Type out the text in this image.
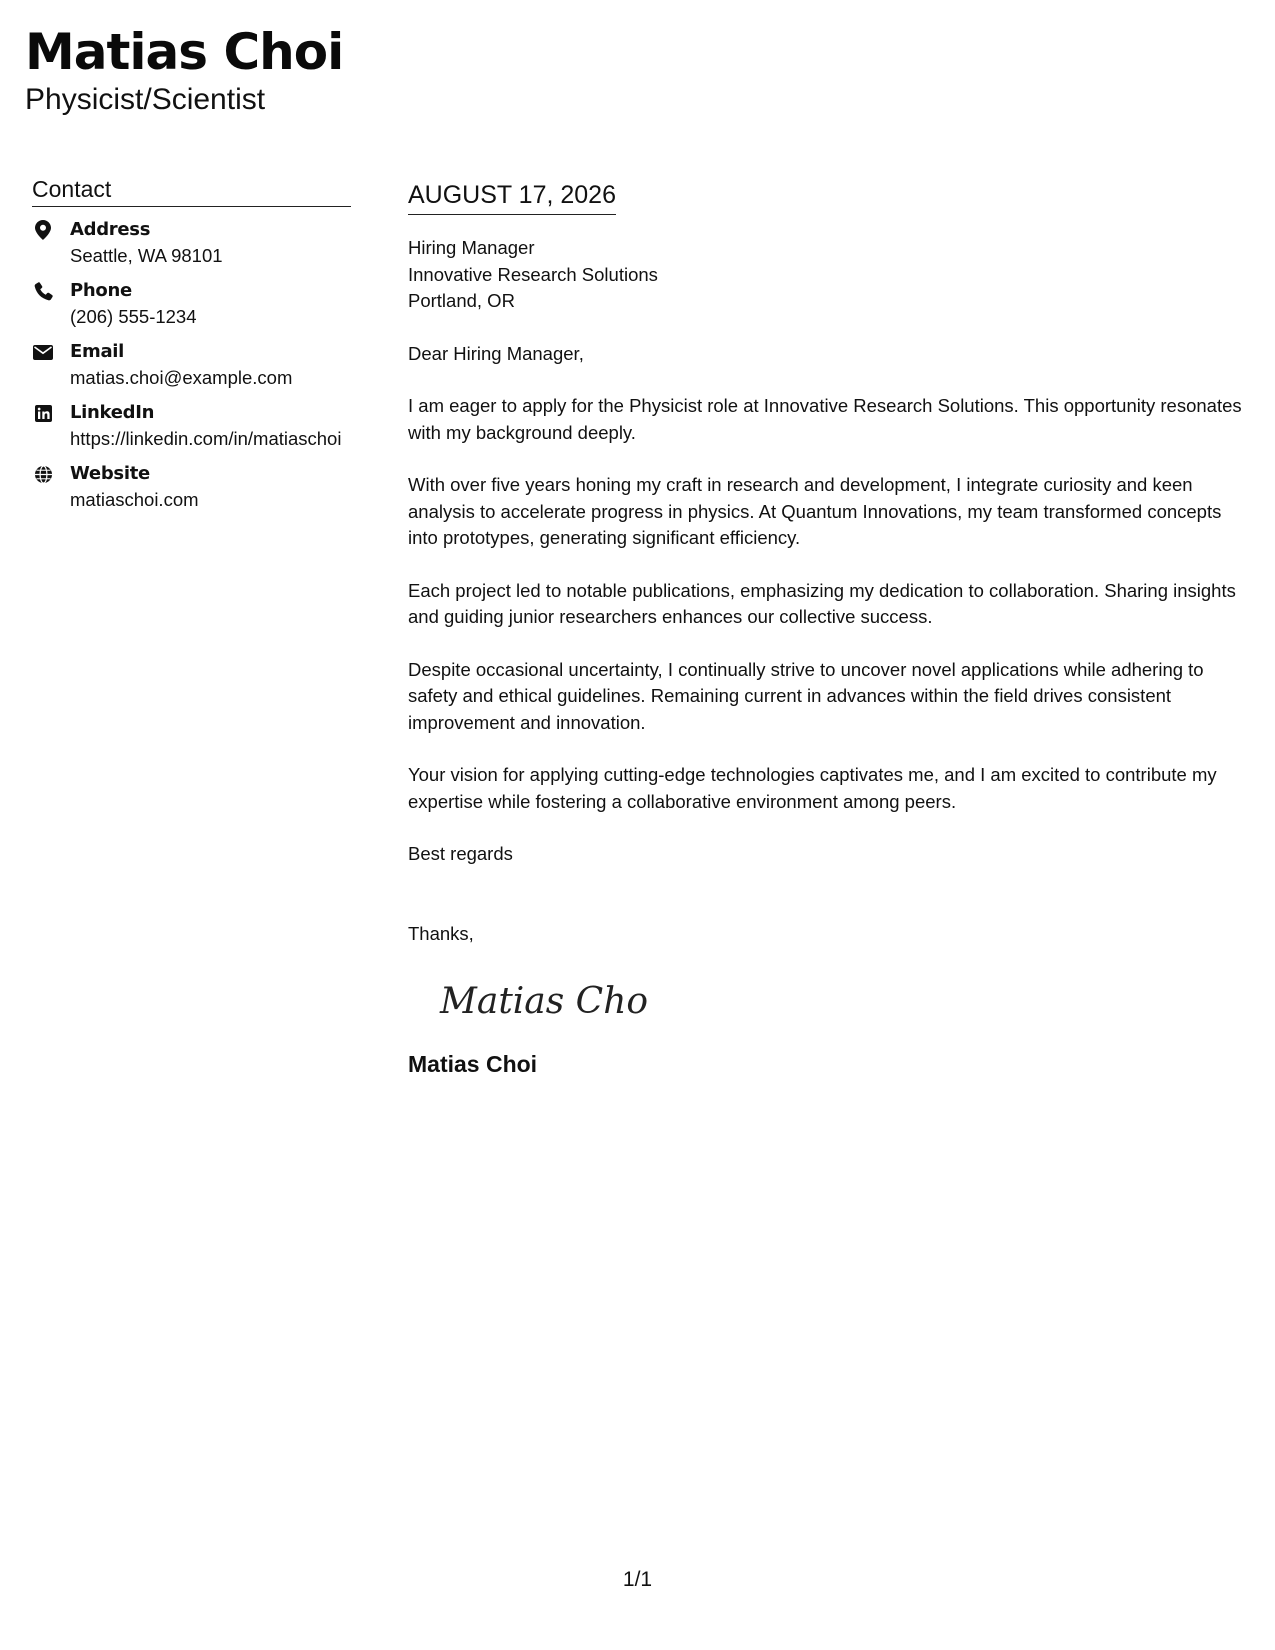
Matias Choi
Physicist/Scientist
Contact
Address
Seattle, WA 98101
Phone
(206) 555-1234
Email
matias.choi@example.com
LinkedIn
https://linkedin.com/in/matiaschoi
Website
matiaschoi.com
AUGUST 17, 2026
Hiring Manager
Innovative Research Solutions
Portland, OR

Dear Hiring Manager,

I am eager to apply for the Physicist role at Innovative Research Solutions. This opportunity resonates with my background deeply.

With over five years honing my craft in research and development, I integrate curiosity and keen analysis to accelerate progress in physics. At Quantum Innovations, my team transformed concepts into prototypes, generating significant efficiency.

Each project led to notable publications, emphasizing my dedication to collaboration. Sharing insights and guiding junior researchers enhances our collective success.

Despite occasional uncertainty, I continually strive to uncover novel applications while adhering to safety and ethical guidelines. Remaining current in advances within the field drives consistent improvement and innovation.

Your vision for applying cutting-edge technologies captivates me, and I am excited to contribute my expertise while fostering a collaborative environment among peers.

Best regards
Thanks,
Matias Choi
Matias Choi
1/1
